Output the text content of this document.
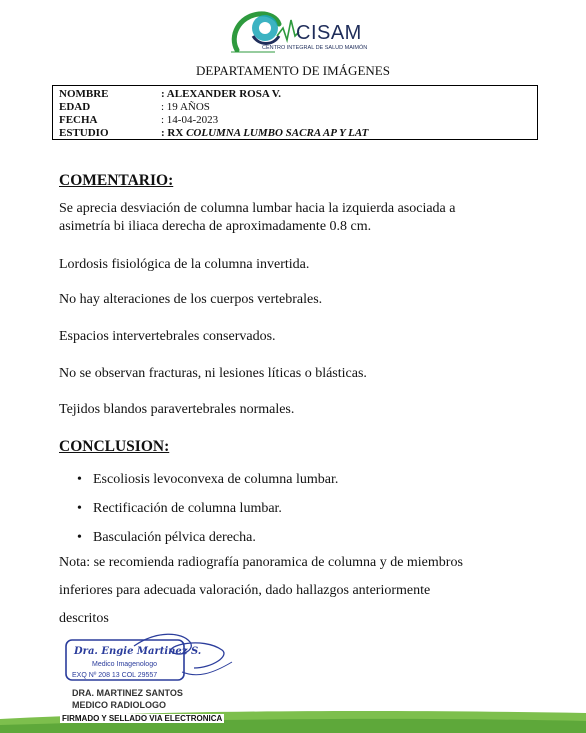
CISAM
CENTRO INTEGRAL DE SALUD MAIMÓN
DEPARTAMENTO DE IMÁGENES
NOMBRE	: ALEXANDER ROSA V.
EDAD	: 19 AÑOS
FECHA	: 14-04-2023
ESTUDIO	: RX COLUMNA LUMBO SACRA AP Y LAT
COMENTARIO:
Se aprecia desviación de columna lumbar hacia la izquierda asociada a
asimetría bi iliaca derecha de aproximadamente 0.8 cm.
Lordosis fisiológica de la columna invertida.
No hay alteraciones de los cuerpos vertebrales.
Espacios intervertebrales conservados.
No se observan fracturas, ni lesiones líticas o blásticas.
Tejidos blandos paravertebrales normales.
CONCLUSION:
• Escoliosis levoconvexa de columna lumbar.
• Rectificación de columna lumbar.
• Basculación pélvica derecha.
Nota: se recomienda radiografía panoramica de columna y de miembros
inferiores para adecuada valoración, dado hallazgos anteriormente
descritos
Dra. Engie Martinez S.
Medico Imagenologo
EXQ Nº 208 13 COL 29557
DRA. MARTINEZ SANTOS
MEDICO RADIOLOGO
FIRMADO Y SELLADO VIA ELECTRONICA
